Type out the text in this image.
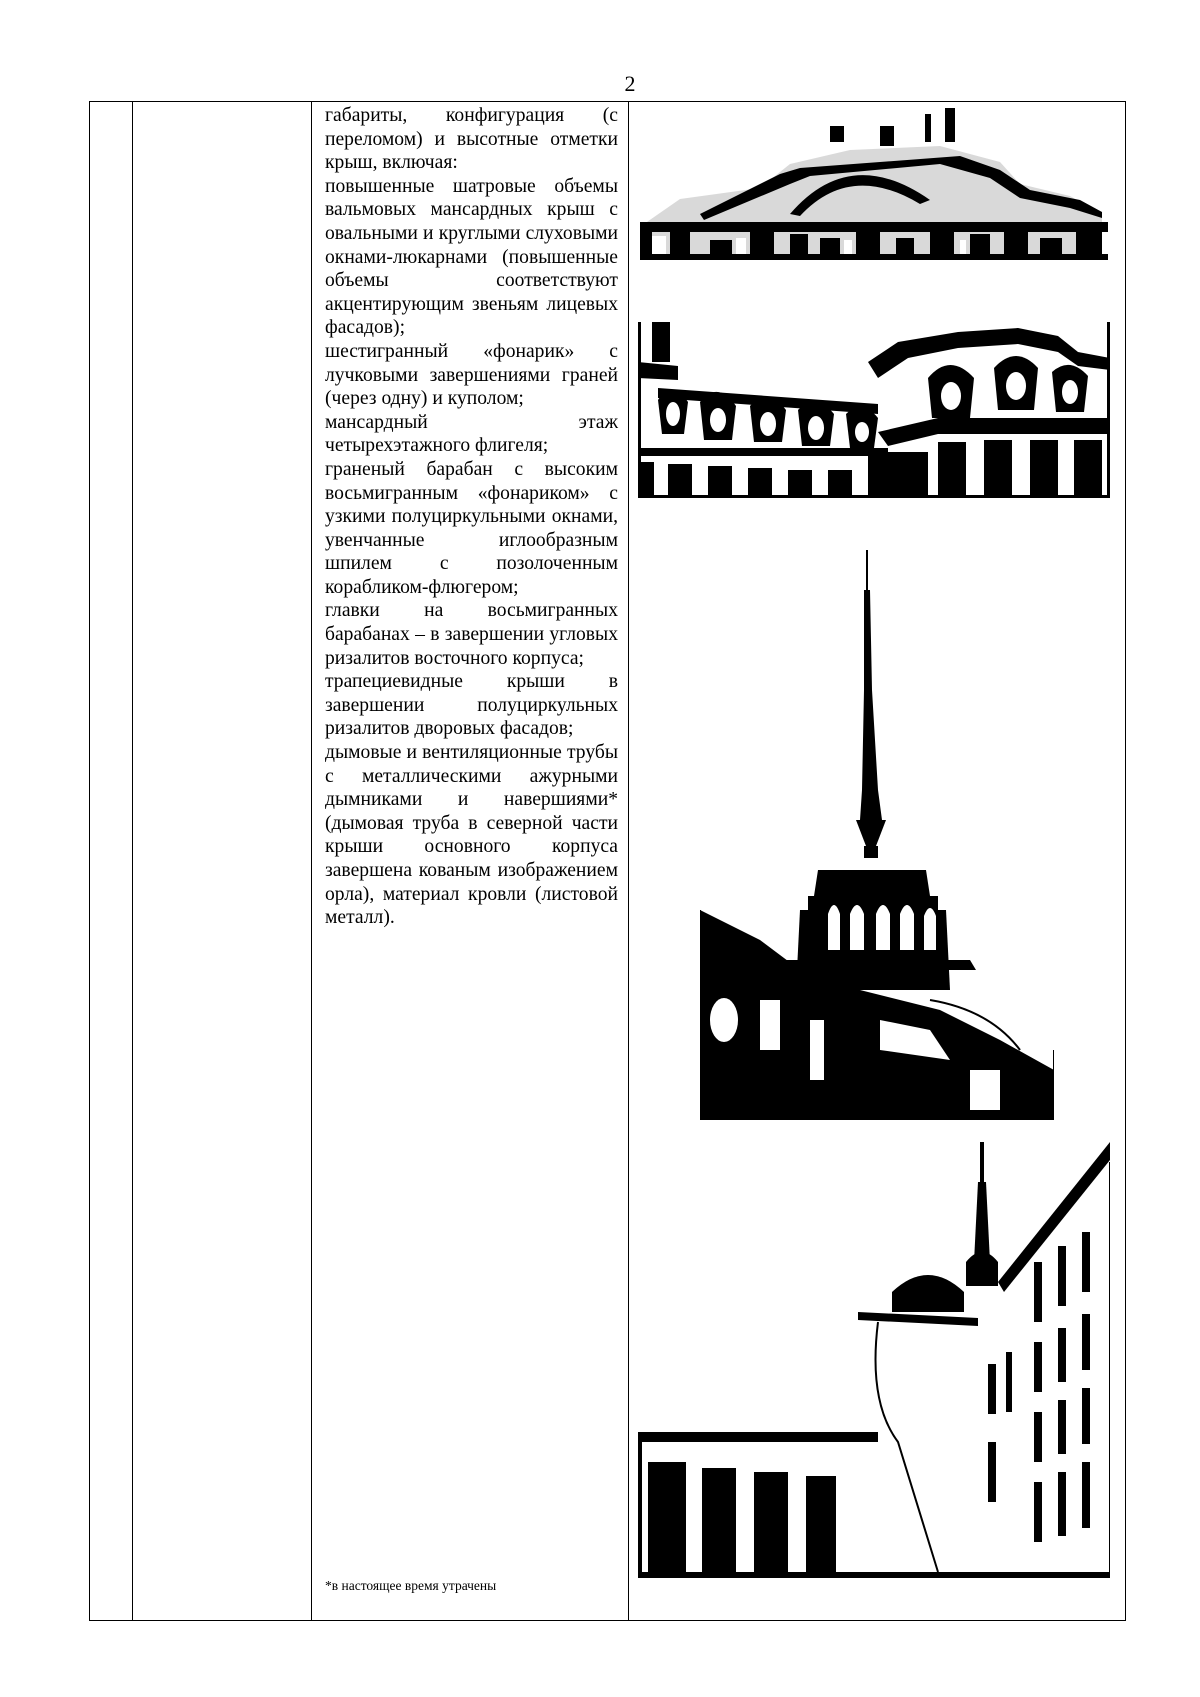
2

габариты, конфигурация (с переломом) и высотные отметки крыш, включая:
повышенные шатровые объемы вальмовых мансардных крыш с овальными и круглыми слуховыми окнами-люкарнами (повышенные объемы соответствуют акцентирующим звеньям лицевых фасадов);
шестигранный «фонарик» с лучковыми завершениями граней (через одну) и куполом;
мансардный этаж четырехэтажного флигеля;
граненый барабан с высоким восьмигранным «фонариком» с узкими полуциркульными окнами, увенчанные иглообразным шпилем с позолоченным корабликом-флюгером;
главки на восьмигранных барабанах – в завершении угловых ризалитов восточного корпуса;
трапециевидные крыши в завершении полуциркульных ризалитов дворовых фасадов;
дымовые и вентиляционные трубы с металлическими ажурными дымниками и навершиями* (дымовая труба в северной части крыши основного корпуса завершена кованым изображением орла), материал кровли (листовой металл).
*в настоящее время утрачены
